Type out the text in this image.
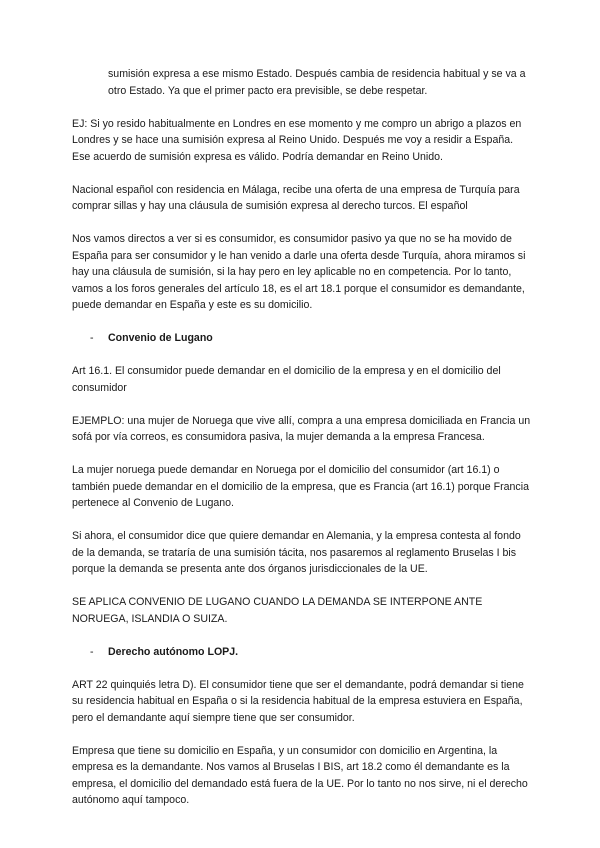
sumisión expresa a ese mismo Estado. Después cambia de residencia habitual y se va a otro Estado. Ya que el primer pacto era previsible, se debe respetar.

EJ: Si yo resido habitualmente en Londres en ese momento y me compro un abrigo a plazos en Londres y se hace una sumisión expresa al Reino Unido. Después me voy a residir a España. Ese acuerdo de sumisión expresa es válido. Podría demandar en Reino Unido.

Nacional español con residencia en Málaga, recibe una oferta de una empresa de Turquía para comprar sillas y hay una cláusula de sumisión expresa al derecho turcos. El español

Nos vamos directos a ver si es consumidor, es consumidor pasivo ya que no se ha movido de España para ser consumidor y le han venido a darle una oferta desde Turquía, ahora miramos si hay una cláusula de sumisión, si la hay pero en ley aplicable no en competencia. Por lo tanto, vamos a los foros generales del artículo 18, es el art 18.1 porque el consumidor es demandante, puede demandar en España y este es su domicilio.

-	Convenio de Lugano

Art 16.1. El consumidor puede demandar en el domicilio de la empresa y en el domicilio del consumidor

EJEMPLO: una mujer de Noruega que vive allí, compra a una empresa domiciliada en Francia un sofá por vía correos, es consumidora pasiva, la mujer demanda a la empresa Francesa.

La mujer noruega puede demandar en Noruega por el domicilio del consumidor (art 16.1) o también puede demandar en el domicilio de la empresa, que es Francia (art 16.1) porque Francia pertenece al Convenio de Lugano.

Si ahora, el consumidor dice que quiere demandar en Alemania, y la empresa contesta al fondo de la demanda, se trataría de una sumisión tácita, nos pasaremos al reglamento Bruselas I bis porque la demanda se presenta ante dos órganos jurisdiccionales de la UE.

SE APLICA CONVENIO DE LUGANO CUANDO LA DEMANDA SE INTERPONE ANTE NORUEGA, ISLANDIA O SUIZA.

-	Derecho autónomo LOPJ.

ART 22 quinquiés letra D). El consumidor tiene que ser el demandante, podrá demandar si tiene su residencia habitual en España o si la residencia habitual de la empresa estuviera en España, pero el demandante aquí siempre tiene que ser consumidor.

Empresa que tiene su domicilio en España, y un consumidor con domicilio en Argentina, la empresa es la demandante. Nos vamos al Bruselas I BIS, art 18.2 como él demandante es la empresa, el domicilio del demandado está fuera de la UE. Por lo tanto no nos sirve, ni el derecho autónomo aquí tampoco.
